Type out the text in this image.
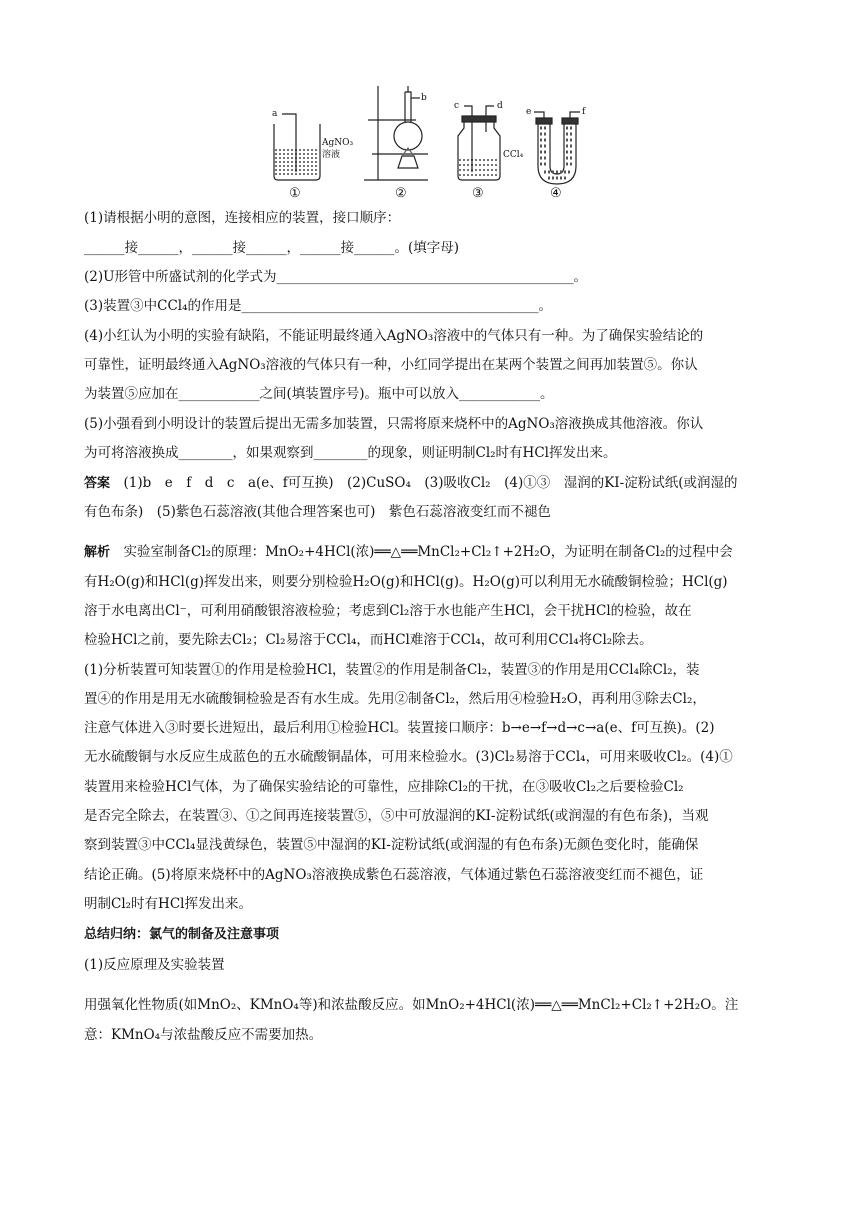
a
AgNO₃
溶液
b
c	d
CCl₄
e	f
①	②	③	④
(1)请根据小明的意图，连接相应的装置，接口顺序：
______接______，______接______，______接______。(填字母)
(2)U形管中所盛试剂的化学式为____________________________________________。
(3)装置③中CCl₄的作用是____________________________________________。
(4)小红认为小明的实验有缺陷，不能证明最终通入AgNO₃溶液中的气体只有一种。为了确保实验结论的
可靠性，证明最终通入AgNO₃溶液的气体只有一种，小红同学提出在某两个装置之间再加装置⑤。你认
为装置⑤应加在____________之间(填装置序号)。瓶中可以放入____________。
(5)小强看到小明设计的装置后提出无需多加装置，只需将原来烧杯中的AgNO₃溶液换成其他溶液。你认
为可将溶液换成________，如果观察到________的现象，则证明制Cl₂时有HCl挥发出来。
答案　 (1)b　e　f　d　c　a(e、f可互换)　(2)CuSO₄　(3)吸收Cl₂　(4)①③　湿润的KI-淀粉试纸(或润湿的
有色布条)　(5)紫色石蕊溶液(其他合理答案也可)　紫色石蕊溶液变红而不褪色
解析　 实验室制备Cl₂的原理：MnO₂+4HCl(浓)══△══MnCl₂+Cl₂↑+2H₂O，为证明在制备Cl₂的过程中会
有H₂O(g)和HCl(g)挥发出来，则要分别检验H₂O(g)和HCl(g)。H₂O(g)可以利用无水硫酸铜检验；HCl(g)
溶于水电离出Cl⁻，可利用硝酸银溶液检验；考虑到Cl₂溶于水也能产生HCl，会干扰HCl的检验，故在
检验HCl之前，要先除去Cl₂；Cl₂易溶于CCl₄，而HCl难溶于CCl₄，故可利用CCl₄将Cl₂除去。
(1)分析装置可知装置①的作用是检验HCl，装置②的作用是制备Cl₂，装置③的作用是用CCl₄除Cl₂，装
置④的作用是用无水硫酸铜检验是否有水生成。先用②制备Cl₂，然后用④检验H₂O，再利用③除去Cl₂，
注意气体进入③时要长进短出，最后利用①检验HCl。装置接口顺序：b→e→f→d→c→a(e、f可互换)。(2)
无水硫酸铜与水反应生成蓝色的五水硫酸铜晶体，可用来检验水。(3)Cl₂易溶于CCl₄，可用来吸收Cl₂。(4)①
装置用来检验HCl气体，为了确保实验结论的可靠性，应排除Cl₂的干扰，在③吸收Cl₂之后要检验Cl₂
是否完全除去，在装置③、①之间再连接装置⑤，⑤中可放湿润的KI-淀粉试纸(或润湿的有色布条)，当观
察到装置③中CCl₄显浅黄绿色，装置⑤中湿润的KI-淀粉试纸(或润湿的有色布条)无颜色变化时，能确保
结论正确。(5)将原来烧杯中的AgNO₃溶液换成紫色石蕊溶液，气体通过紫色石蕊溶液变红而不褪色，证
明制Cl₂时有HCl挥发出来。
总结归纳：氯气的制备及注意事项
(1)反应原理及实验装置
用强氧化性物质(如MnO₂、KMnO₄等)和浓盐酸反应。如MnO₂+4HCl(浓)══△══MnCl₂+Cl₂↑+2H₂O。注
意：KMnO₄与浓盐酸反应不需要加热。
